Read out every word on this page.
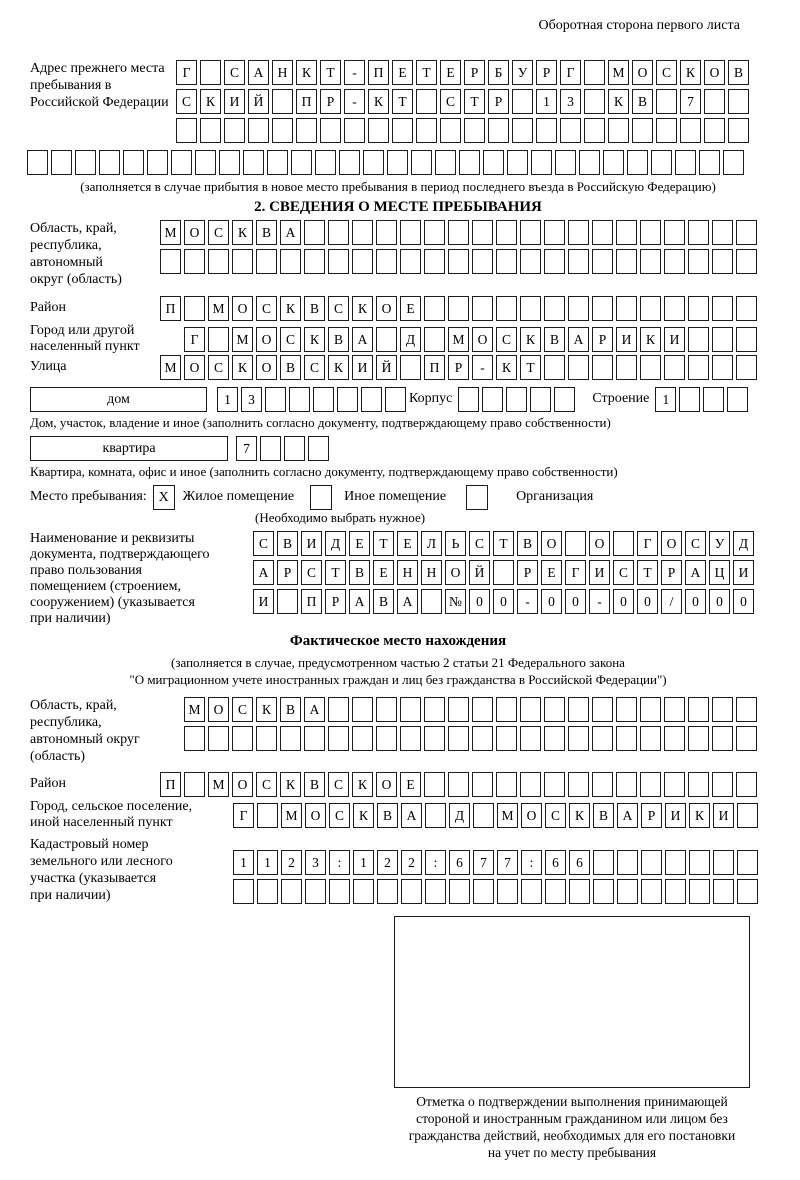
Оборотная сторона первого листа
Адрес прежнего места пребывания в Российской Федерации
Г	С	А	Н	К	Т	-	П	Е	Т	Е	Р	Б	У	Р	Г	М О	С	К	О	В
С	К	И	Й	П	Р	-	К	Т	С	Т	Р	1	3	К	В	7
(заполняется в случае прибытия в новое место пребывания в период последнего въезда в Российскую Федерацию)
2. СВЕДЕНИЯ О МЕСТЕ ПРЕБЫВАНИЯ
Область, край,
республика,
автономный
округ (область)
М О	С	К	В	А
Район	П	М О	С	К	В	С	К	О	Е
Город или другой
населенный пункт	Г	М О	С	К	В	А	Д	М О	С	К	В	А	Р	И	К	И
Улица	М О	С	К	О	В	С	К	И	Й	П	Р	-	К	Т
дом	1	3	Корпус	Строение 1
Дом, участок, владение и иное (заполнить согласно документу, подтверждающему право собственности)
квартира	7
Квартира, комната, офис и иное (заполнить согласно документу, подтверждающему право собственности)
Место пребывания: X Жилое помещение	Иное помещение	Организация
(Необходимо выбрать нужное)
Наименование и реквизиты
документа, подтверждающего
право пользования
помещением (строением,
сооружением) (указывается
при наличии)
С	В	И	Д	Е	Т	Е	Л	Ь	С	Т	В	О	О	Г	О	С	У	Д
А	Р	С	Т	В	Е	Н	Н	О	Й	Р	Е	Г	И	С	Т	Р	А	Ц	И
И	П	Р	А	В	А	№	0	0	-	0	0	-	0	0	/	0	0	0
Фактическое место нахождения
(заполняется в случае, предусмотренном частью 2 статьи 21 Федерального закона
"О миграционном учете иностранных граждан и лиц без гражданства в Российской Федерации")
Область, край,
республика,
автономный округ
(область)
М О	С	К	В	А
Район	П	М О	С	К	В	С	К	О	Е
Город, сельское поселение,
иной населенный пункт	Г	М О	С	К	В	А	Д	М О	С	К	В	А	Р	И	К	И
Кадастровый номер
земельного или лесного
участка (указывается
при наличии)
1	1	2	3	:	1	2	2	:	6	7	7	:	6	6
Отметка о подтверждении выполнения принимающей
стороной и иностранным гражданином или лицом без
гражданства действий, необходимых для его постановки
на учет по месту пребывания
